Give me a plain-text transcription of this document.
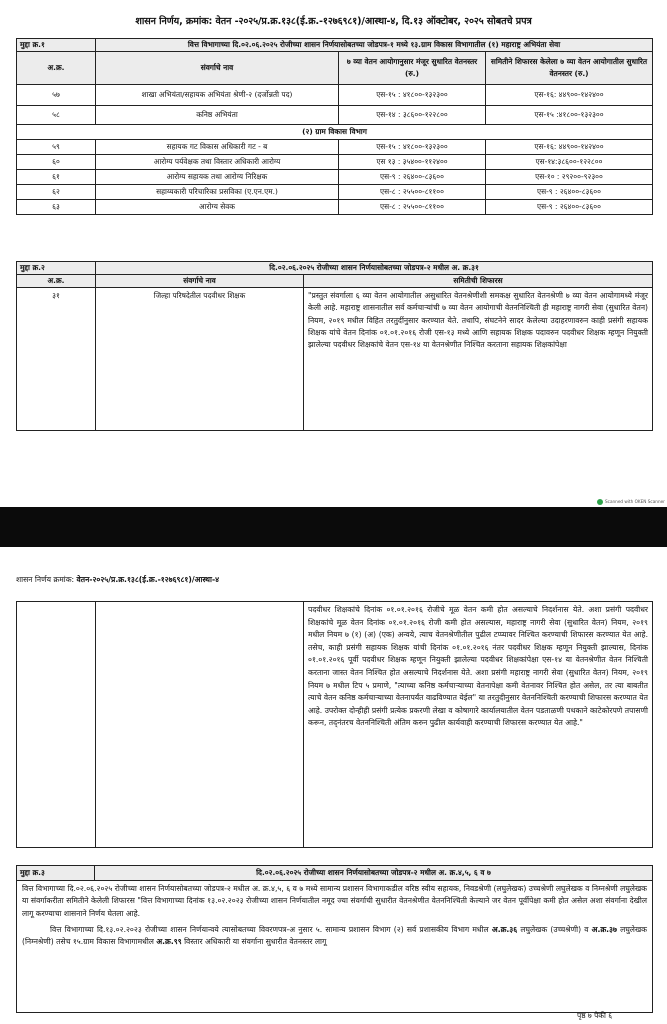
शासन निर्णय, क्रमांक: वेतन -२०२५/प्र.क्र.१३८(ई.क्र.-१२७६९८१)/आस्था-४, दि.१३ ऑक्टोबर, २०२५ सोबतचे प्रपत्र
मुद्दा क्र.१	वित्त विभागाच्या दि.०२.०६.२०२५ रोजीच्या शासन निर्णयासोबतच्या जोडपत्र-१ मध्ये १३.ग्राम विकास विभागातील (१) महाराष्ट्र अभियंता सेवा		
अ.क्र.	संवर्गाचे नाव	७ व्या वेतन आयोगानुसार मंजूर सुधारित वेतनस्तर (रु.)	समितीने शिफारस केलेला ७ व्या वेतन आयोगातील सुधारित वेतनस्तर (रु.)
५७	शाखा अभियंता/सहायक अभियंता श्रेणी-२ (दर्जोन्नती पद)	एस-१५ : ४१८००-१३२३००	एस-१६: ४४९००-१४२४००
५८	कनिष्ठ अभियंता	एस-१४ : ३८६००-१२२८००	एस-१५ :४१८००-१३२३००
(२) ग्राम विकास विभाग			
५९	सहायक गट विकास अधिकारी गट - ब	एस-१५ : ४१८००-१३२३००	एस-१६: ४४९००-१४२४००
६०	आरोग्य पर्यवेक्षक तथा विस्तार अधिकारी आरोग्य	एस १३ : ३५४००-११२४००	एस-१४:३८६००-१२२८००
६१	आरोग्य सहायक तथा आरोग्य निरिक्षक	एस-९ : २६४००-८३६००	एस-१० : २९२००-९२३००
६२	सहाय्यकारी परिचारिका प्रसविका (ए.एन.एम.)	एस-८ : २५५००-८११००	एस-९ : २६४००-८३६००
६३	आरोग्य सेवक	एस-८ : २५५००-८११००	एस-९ : २६४००-८३६००
मुद्दा क्र.२	दि.०२.०६.२०२५ रोजीच्या शासन निर्णयासोबतच्या जोडपत्र-२ मधील अ. क्र.३१	
अ.क्र.	संवर्गाचे नाव	समितीची शिफारस
३१	जिल्हा परिषदेतील पदवीधर शिक्षक	"प्रस्तुत संवर्गाला ६ व्या वेतन आयोगातील असुधारित वेतनश्रेणीशी समकक्ष सुधारित वेतनश्रेणी ७ व्या वेतन आयोगामध्ये मंजूर केली आहे. महाराष्ट्र शासनातील सर्व कर्मचाऱ्यांची ७ व्या वेतन आयोगाची वेतननिश्चिती ही महाराष्ट्र नागरी सेवा (सुधारित वेतन) नियम, २०१९ मधील विहित तरतुदींनुसार करण्यात येते. तथापि, संघटनेने सादर केलेल्या उदाहरणावरुन काही प्रसंगी सहायक शिक्षक यांचे वेतन दिनांक ०१.०१.२०१६ रोजी एस-१३ मध्ये आणि सहायक शिक्षक पदावरुन पदवीधर शिक्षक म्हणून नियुक्ती झालेल्या पदवीधर शिक्षकांचे वेतन एस-१४ या वेतनश्रेणीत निश्चित करताना सहायक शिक्षकांपेक्षा
Scanned with OKEN Scanner
शासन निर्णय क्रमांक: वेतन-२०२५/प्र.क्र.१३८(ई.क्र.-१२७६९८१)/आस्था-४
		पदवीधर शिक्षकांचे दिनांक ०१.०१.२०१६ रोजीचे मूळ वेतन कमी होत असल्याचे निदर्शनास येते. अशा प्रसंगी पदवीधर शिक्षकांचे मूळ वेतन दिनांक ०१.०१.२०१६ रोजी कमी होत असल्यास, महाराष्ट्र नागरी सेवा (सुधारित वेतन) नियम, २०१९ मधील नियम ७ (१) (अ) (एक) अन्वये, त्याच वेतनश्रेणीतील पुढील टप्प्यावर निश्चित करण्याची शिफारस करण्यात येत आहे. तसेच, काही प्रसंगी सहायक शिक्षक यांची दिनांक ०१.०१.२०१६ नंतर पदवीधर शिक्षक म्हणून नियुक्ती झाल्यास, दिनांक ०१.०१.२०१६ पूर्वी पदवीधर शिक्षक म्हणून नियुक्ती झालेल्या पदवीधर शिक्षकांपेक्षा एस-१४ या वेतनश्रेणीत वेतन निश्चिती करताना जास्त वेतन निश्चित होत असल्याचे निदर्शनास येते. अशा प्रसंगी महाराष्ट्र नागरी सेवा (सुधारित वेतन) नियम, २०१९ नियम ७ मधील टिप ५ प्रमाणे, "त्याच्या कनिष्ठ कर्मचाऱ्याच्या वेतनापेक्षा कमी वेतनावर निश्चित होत असेल, तर त्या बाबतीत त्याचे वेतन कनिष्ठ कर्मचाऱ्याच्या वेतनापर्यंत वाढविण्यात येईल" या तरतुदीनुसार वेतननिश्चिती करण्याची शिफारस करण्यात येत आहे. उपरोक्त दोन्हीही प्रसंगी प्रत्येक प्रकरणी लेखा व कोषागारे कार्यालयातील वेतन पडताळणी पथकाने काटेकोरपणे तपासणी करून, तद्नंतरच वेतननिश्चिती अंतिम करुन पुढील कार्यवाही करण्याची शिफारस करण्यात येत आहे."
मुद्दा क्र.३	दि.०२.०६.२०२५ रोजीच्या शासन निर्णयासोबतच्या जोडपत्र-२ मधील अ. क्र.४,५, ६ व ७

वित्त विभागाच्या दि.०२.०६.२०२५ रोजीच्या शासन निर्णयासोबतच्या जोडपत्र-२ मधील अ. क्र.४,५, ६ व ७ मध्ये सामान्य प्रशासन विभागाकडील वरिष्ठ स्वीय सहायक, निवडश्रेणी (लघुलेखक) उच्चश्रेणी लघुलेखक व निम्नश्रेणी लघुलेखक या संवर्गाकरीता समितीने केलेली शिफारस "वित्त विभागाच्या दिनांक १३.०२.२०२३ रोजीच्या शासन निर्णयातील नमूद ज्या संवर्गाची सुधारीत वेतनश्रेणीत वेतननिश्चिती केल्याने जर वेतन पूर्वीपेक्षा कमी होत असेल अशा संवर्गाना देखील लागू करण्याचा शासनाने निर्णय घेतला आहे.
वित्त विभागाच्या दि.१३.०२.२०२३ रोजीच्या शासन निर्णयान्वये त्यासोबतच्या विवरणपत्र-अ नुसार ५. सामान्य प्रशासन विभाग (२) सर्व प्रशासकीय विभाग मधील अ.क्र.३६ लघुलेखक (उच्चश्रेणी) व अ.क्र.३७ लघुलेखक (निम्नश्रेणी) तसेच १५.ग्राम विकास विभागामधील अ.क्र.९९ विस्तार अधिकारी या संवर्गाना सुधारीत वेतनस्तर लागू
पृष्ठ ७ पैकी ६
